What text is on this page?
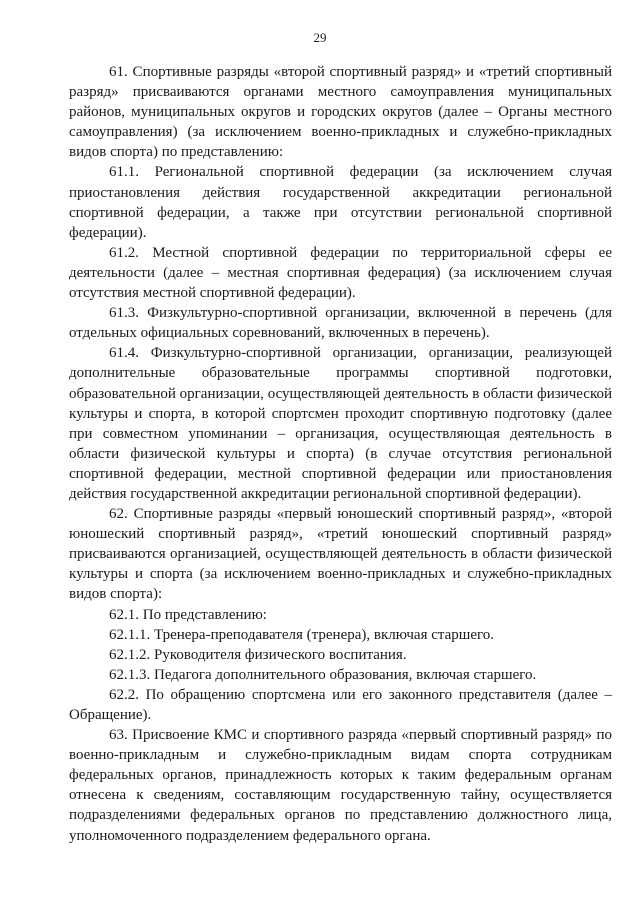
29

61. Спортивные разряды «второй спортивный разряд» и «третий спортивный разряд» присваиваются органами местного самоуправления муниципальных районов, муниципальных округов и городских округов (далее – Органы местного самоуправления) (за исключением военно-прикладных и служебно-прикладных видов спорта) по представлению:

61.1. Региональной спортивной федерации (за исключением случая приостановления действия государственной аккредитации региональной спортивной федерации, а также при отсутствии региональной спортивной федерации).

61.2. Местной спортивной федерации по территориальной сферы ее деятельности (далее – местная спортивная федерация) (за исключением случая отсутствия местной спортивной федерации).

61.3. Физкультурно-спортивной организации, включенной в перечень (для отдельных официальных соревнований, включенных в перечень).

61.4. Физкультурно-спортивной организации, организации, реализующей дополнительные образовательные программы спортивной подготовки, образовательной организации, осуществляющей деятельность в области физической культуры и спорта, в которой спортсмен проходит спортивную подготовку (далее при совместном упоминании – организация, осуществляющая деятельность в области физической культуры и спорта) (в случае отсутствия региональной спортивной федерации, местной спортивной федерации или приостановления действия государственной аккредитации региональной спортивной федерации).

62. Спортивные разряды «первый юношеский спортивный разряд», «второй юношеский спортивный разряд», «третий юношеский спортивный разряд» присваиваются организацией, осуществляющей деятельность в области физической культуры и спорта (за исключением военно-прикладных и служебно-прикладных видов спорта):

62.1. По представлению:

62.1.1. Тренера-преподавателя (тренера), включая старшего.

62.1.2. Руководителя физического воспитания.

62.1.3. Педагога дополнительного образования, включая старшего.

62.2. По обращению спортсмена или его законного представителя (далее – Обращение).

63. Присвоение КМС и спортивного разряда «первый спортивный разряд» по военно-прикладным и служебно-прикладным видам спорта сотрудникам федеральных органов, принадлежность которых к таким федеральным органам отнесена к сведениям, составляющим государственную тайну, осуществляется подразделениями федеральных органов по представлению должностного лица, уполномоченного подразделением федерального органа.
